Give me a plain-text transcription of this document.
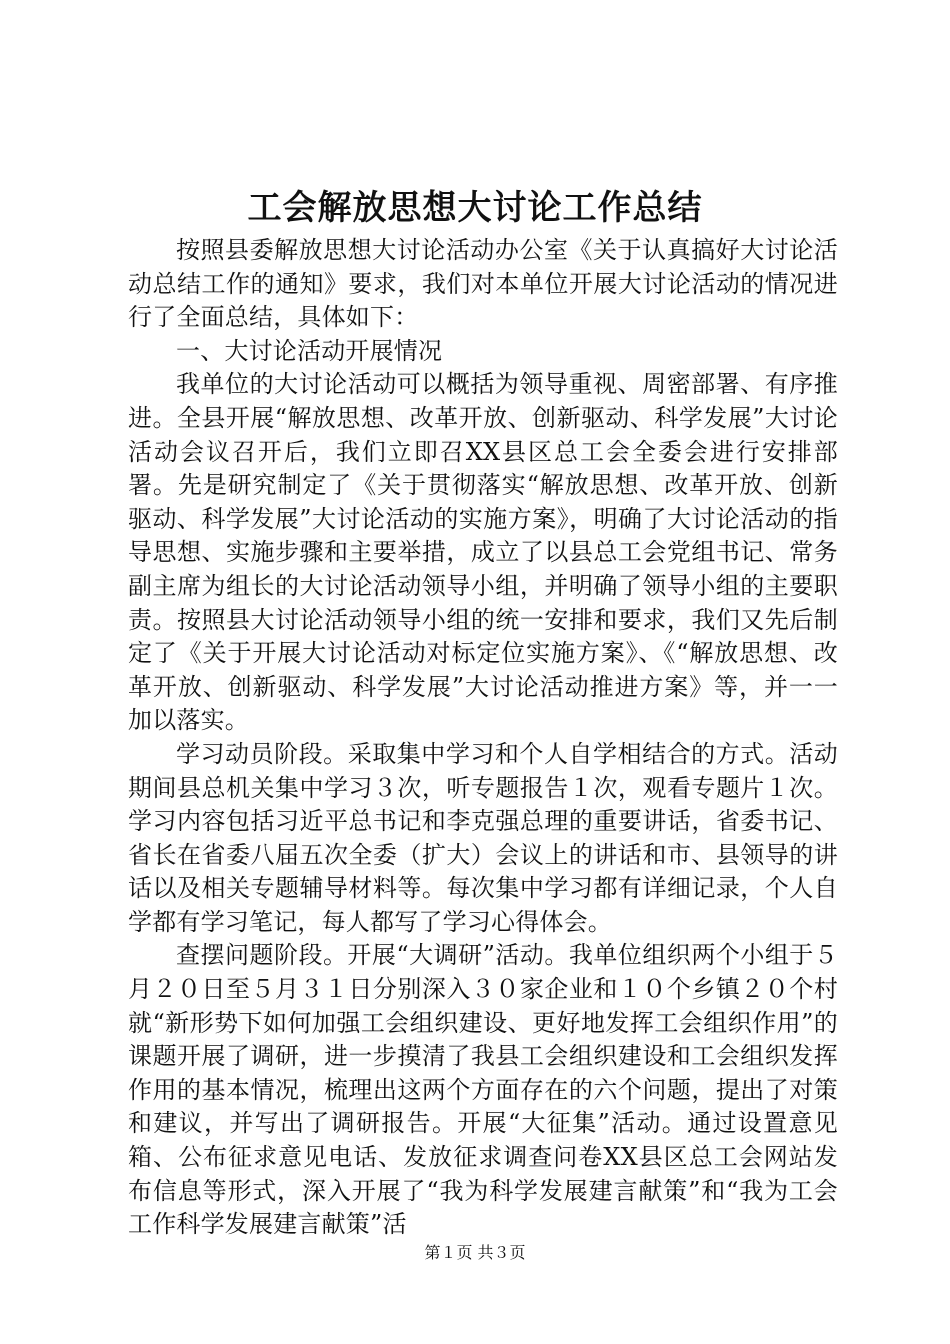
工会解放思想大讨论工作总结

按照县委解放思想大讨论活动办公室《关于认真搞好大讨论活动总结工作的通知》要求，我们对本单位开展大讨论活动的情况进行了全面总结，具体如下：

一、大讨论活动开展情况

我单位的大讨论活动可以概括为领导重视、周密部署、有序推进。全县开展“解放思想、改革开放、创新驱动、科学发展”大讨论活动会议召开后，我们立即召XX县区总工会全委会进行安排部署。先是研究制定了《关于贯彻落实“解放思想、改革开放、创新驱动、科学发展”大讨论活动的实施方案》，明确了大讨论活动的指导思想、实施步骤和主要举措，成立了以县总工会党组书记、常务副主席为组长的大讨论活动领导小组，并明确了领导小组的主要职责。按照县大讨论活动领导小组的统一安排和要求，我们又先后制定了《关于开展大讨论活动对标定位实施方案》、《“解放思想、改革开放、创新驱动、科学发展”大讨论活动推进方案》等，并一一加以落实。

学习动员阶段。采取集中学习和个人自学相结合的方式。活动期间县总机关集中学习３次，听专题报告１次，观看专题片１次。学习内容包括习近平总书记和李克强总理的重要讲话，省委书记、省长在省委八届五次全委（扩大）会议上的讲话和市、县领导的讲话以及相关专题辅导材料等。每次集中学习都有详细记录，个人自学都有学习笔记，每人都写了学习心得体会。

查摆问题阶段。开展“大调研”活动。我单位组织两个小组于５月２０日至５月３１日分别深入３０家企业和１０个乡镇２０个村就“新形势下如何加强工会组织建设、更好地发挥工会组织作用”的课题开展了调研，进一步摸清了我县工会组织建设和工会组织发挥作用的基本情况，梳理出这两个方面存在的六个问题，提出了对策和建议，并写出了调研报告。开展“大征集”活动。通过设置意见箱、公布征求意见电话、发放征求调查问卷XX县区总工会网站发布信息等形式，深入开展了“我为科学发展建言献策”和“我为工会工作科学发展建言献策”活

第１页 共３页
